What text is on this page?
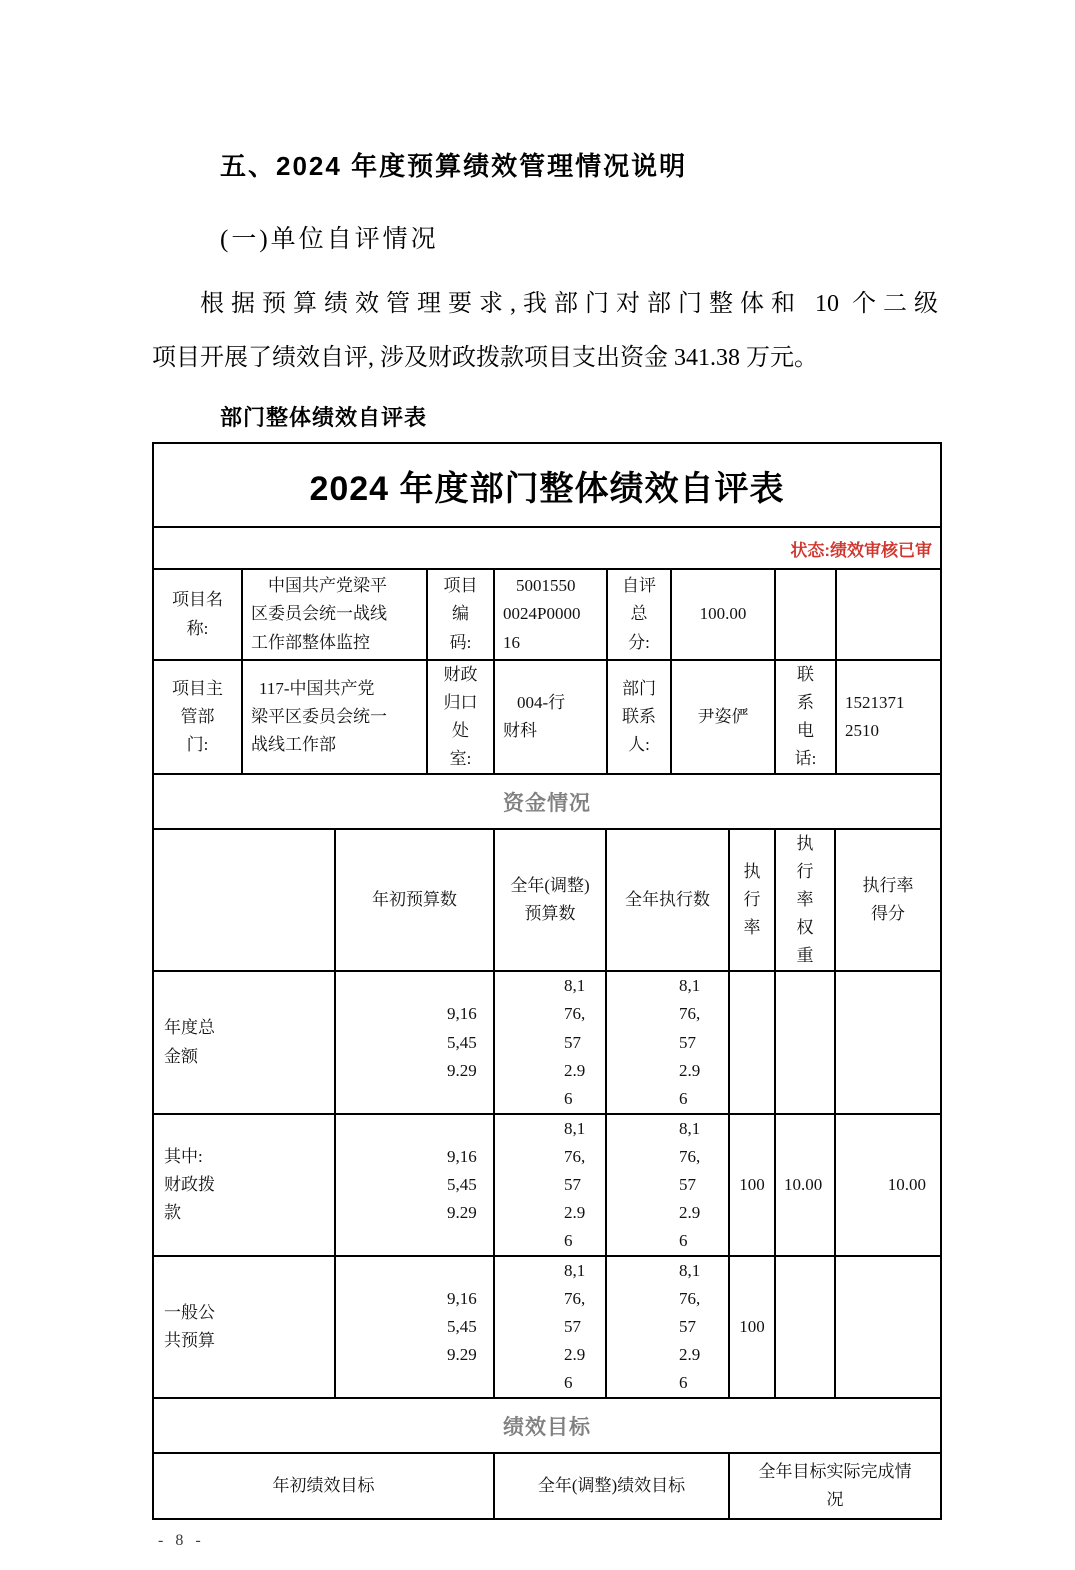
五、2024 年度预算绩效管理情况说明
(一)单位自评情况
根据预算绩效管理要求,我部门对部门整体和 10 个二级
项目开展了绩效自评, 涉及财政拨款项目支出资金 341.38 万元。
部门整体绩效自评表
2024 年度部门整体绩效自评表
状态:绩效审核已审
项目名称:	中国共产党梁平区委员会统一战线工作部整体监控	项目编码:	50015500024P000016	自评总分:	100.00		
项目主管部门:	117-中国共产党梁平区委员会统一战线工作部	财政归口处室:	004-行财科	部门联系人:	尹姿俨	联系电话:	15213712510
资金情况
	年初预算数	全年(调整)预算数	全年执行数	执行率	执行率权重	执行率得分
年度总金额	9,165,459.29	8,176,572.96	8,176,572.96			
其中:财政拨款	9,165,459.29	8,176,572.96	8,176,572.96	100	10.00	10.00
一般公共预算	9,165,459.29	8,176,572.96	8,176,572.96	100		
绩效目标
年初绩效目标	全年(调整)绩效目标	全年目标实际完成情况
- 8 -
